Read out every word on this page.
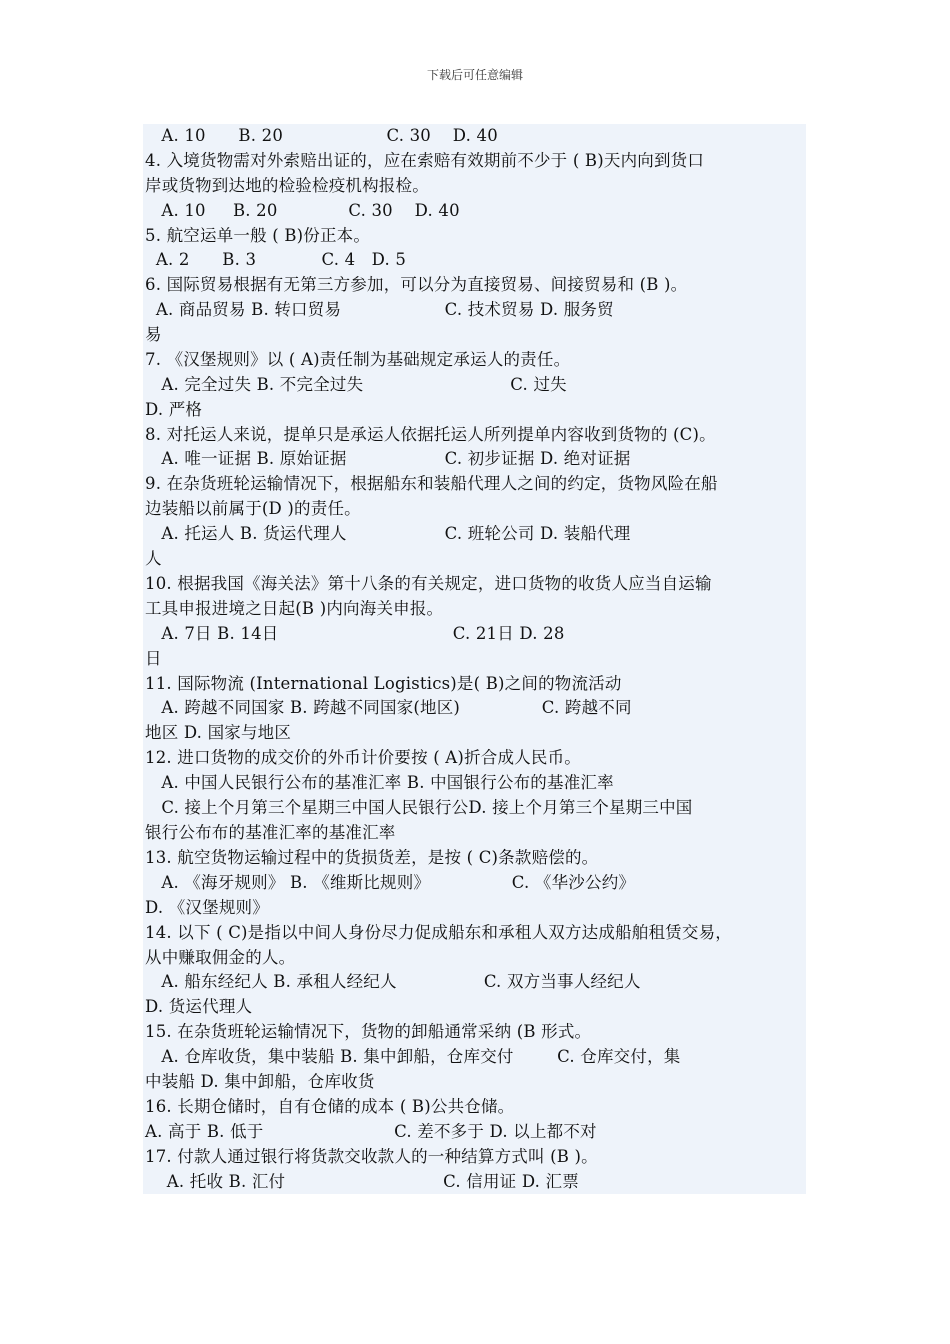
下载后可任意编辑
A. 10      B. 20                   C. 30    D. 40
4. 入境货物需对外索赔出证的，应在索赔有效期前不少于 ( B)天内向到货口
岸或货物到达地的检验检疫机构报检。
A. 10     B. 20             C. 30    D. 40
5. 航空运单一般 ( B)份正本。
A. 2      B. 3            C. 4   D. 5
6. 国际贸易根据有无第三方参加，可以分为直接贸易、间接贸易和 (B )。
A. 商品贸易 B. 转口贸易                   C. 技术贸易 D. 服务贸
易
7. 《汉堡规则》以 ( A)责任制为基础规定承运人的责任。
A. 完全过失 B. 不完全过失                           C. 过失
D. 严格
8. 对托运人来说，提单只是承运人依据托运人所列提单内容收到货物的 (C)。
A. 唯一证据 B. 原始证据                  C. 初步证据 D. 绝对证据
9. 在杂货班轮运输情况下，根据船东和装船代理人之间的约定，货物风险在船
边装船以前属于(D )的责任。
A. 托运人 B. 货运代理人                  C. 班轮公司 D. 装船代理
人
10. 根据我国《海关法》第十八条的有关规定，进口货物的收货人应当自运输
工具申报进境之日起(B )内向海关申报。
A. 7日 B. 14日                                C. 21日 D. 28
日
11. 国际物流 (International Logistics)是( B)之间的物流活动
A. 跨越不同国家 B. 跨越不同国家(地区)               C. 跨越不同
地区 D. 国家与地区
12. 进口货物的成交价的外币计价要按 ( A)折合成人民币。
A. 中国人民银行公布的基准汇率 B. 中国银行公布的基准汇率
C. 接上个月第三个星期三中国人民银行公D. 接上个月第三个星期三中国
银行公布布的基准汇率的基准汇率
13. 航空货物运输过程中的货损货差，是按 ( C)条款赔偿的。
A. 《海牙规则》 B. 《维斯比规则》               C. 《华沙公约》
D. 《汉堡规则》
14. 以下 ( C)是指以中间人身份尽力促成船东和承租人双方达成船舶租赁交易，
从中赚取佣金的人。
A. 船东经纪人 B. 承租人经纪人                C. 双方当事人经纪人
D. 货运代理人
15. 在杂货班轮运输情况下，货物的卸船通常采纳 (B 形式。
A. 仓库收货，集中装船 B. 集中卸船，仓库交付        C. 仓库交付，集
中装船 D. 集中卸船，仓库收货
16. 长期仓储时，自有仓储的成本 ( B)公共仓储。
A. 高于 B. 低于                        C. 差不多于 D. 以上都不对
17. 付款人通过银行将货款交收款人的一种结算方式叫 (B )。
A. 托收 B. 汇付                             C. 信用证 D. 汇票
